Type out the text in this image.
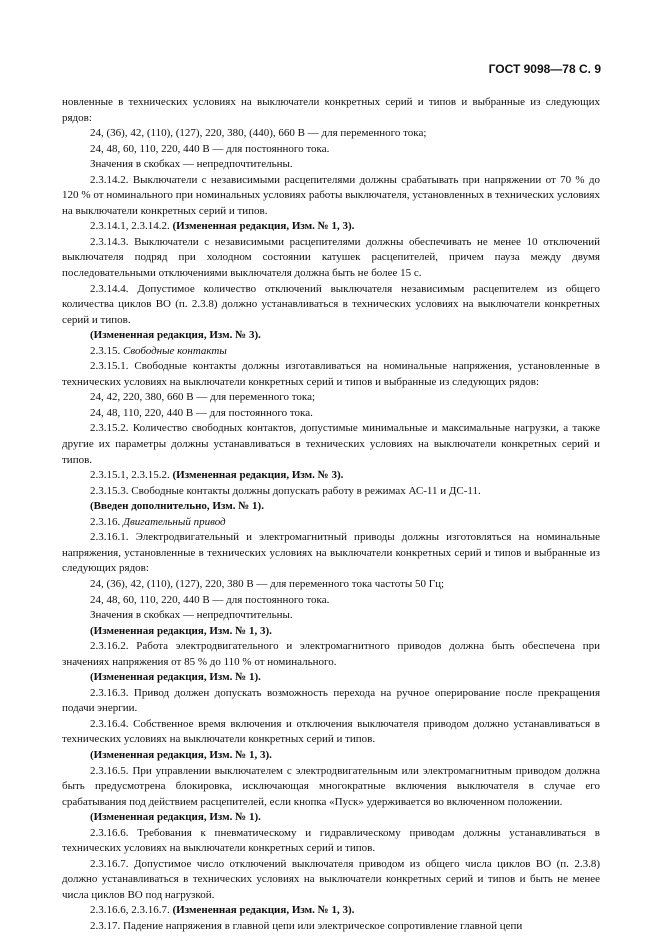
ГОСТ 9098—78 С. 9

новленные в технических условиях на выключатели конкретных серий и типов и выбранные из следующих рядов:

24, (36), 42, (110), (127), 220, 380, (440), 660 В — для переменного тока;

24, 48, 60, 110, 220, 440 В — для постоянного тока.

Значения в скобках — непредпочтительны.

2.3.14.2. Выключатели с независимыми расцепителями должны срабатывать при напряжении от 70 % до 120 % от номинального при номинальных условиях работы выключателя, установленных в технических условиях на выключатели конкретных серий и типов.

2.3.14.1, 2.3.14.2. (Измененная редакция, Изм. № 1, 3).

2.3.14.3. Выключатели с независимыми расцепителями должны обеспечивать не менее 10 отключений выключателя подряд при холодном состоянии катушек расцепителей, причем пауза между двумя последовательными отключениями выключателя должна быть не более 15 с.

2.3.14.4. Допустимое количество отключений выключателя независимым расцепителем из общего количества циклов ВО (п. 2.3.8) должно устанавливаться в технических условиях на выключатели конкретных серий и типов.

(Измененная редакция, Изм. № 3).

2.3.15. Свободные контакты

2.3.15.1. Свободные контакты должны изготавливаться на номинальные напряжения, установленные в технических условиях на выключатели конкретных серий и типов и выбранные из следующих рядов:

24, 42, 220, 380, 660 В — для переменного тока;

24, 48, 110, 220, 440 В — для постоянного тока.

2.3.15.2. Количество свободных контактов, допустимые минимальные и максимальные нагрузки, а также другие их параметры должны устанавливаться в технических условиях на выключатели конкретных серий и типов.

2.3.15.1, 2.3.15.2. (Измененная редакция, Изм. № 3).

2.3.15.3. Свободные контакты должны допускать работу в режимах АС-11 и ДС-11.

(Введен дополнительно, Изм. № 1).

2.3.16. Двигательный привод

2.3.16.1. Электродвигательный и электромагнитный приводы должны изготовляться на номинальные напряжения, установленные в технических условиях на выключатели конкретных серий и типов и выбранные из следующих рядов:

24, (36), 42, (110), (127), 220, 380 В — для переменного тока частоты 50 Гц;

24, 48, 60, 110, 220, 440 В — для постоянного тока.

Значения в скобках — непредпочтительны.

(Измененная редакция, Изм. № 1, 3).

2.3.16.2. Работа электродвигательного и электромагнитного приводов должна быть обеспечена при значениях напряжения от 85 % до 110 % от номинального.

(Измененная редакция, Изм. № 1).

2.3.16.3. Привод должен допускать возможность перехода на ручное оперирование после прекращения подачи энергии.

2.3.16.4. Собственное время включения и отключения выключателя приводом должно устанавливаться в технических условиях на выключатели конкретных серий и типов.

(Измененная редакция, Изм. № 1, 3).

2.3.16.5. При управлении выключателем с электродвигательным или электромагнитным приводом должна быть предусмотрена блокировка, исключающая многократные включения выключателя в случае его срабатывания под действием расцепителей, если кнопка «Пуск» удерживается во включенном положении.

(Измененная редакция, Изм. № 1).

2.3.16.6. Требования к пневматическому и гидравлическому приводам должны устанавливаться в технических условиях на выключатели конкретных серий и типов.

2.3.16.7. Допустимое число отключений выключателя приводом из общего числа циклов ВО (п. 2.3.8) должно устанавливаться в технических условиях на выключатели конкретных серий и типов и быть не менее числа циклов ВО под нагрузкой.

2.3.16.6, 2.3.16.7. (Измененная редакция, Изм. № 1, 3).

2.3.17. Падение напряжения в главной цепи или электрическое сопротивление главной цепи
